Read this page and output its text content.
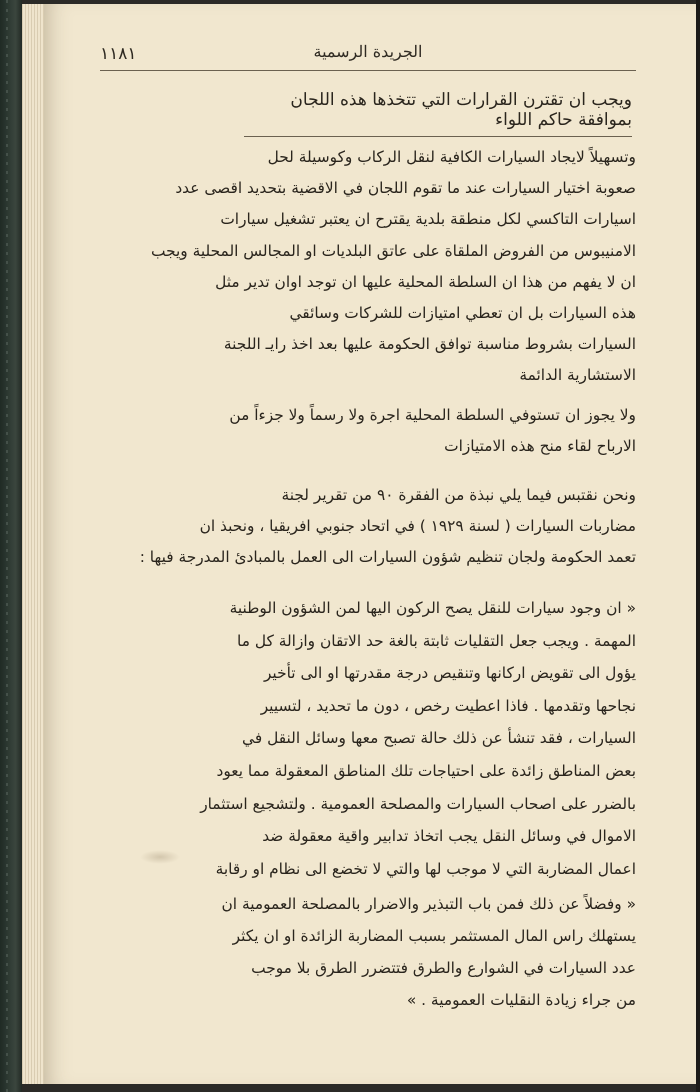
١١٨١	الجريدة الرسمية
ويجب ان تقترن القرارات التي تتخذها هذه اللجان بموافقة حاكم اللواء
وتسهيلاً لايجاد السيارات الكافية لنقل الركاب وكوسيلة لحل
صعوبة اختيار السيارات عند ما تقوم اللجان في الاقضية بتحديد اقصى عدد
اسيارات التاكسي لكل منطقة بلدية يقترح ان يعتبر تشغيل سيارات
الامنيبوس من الفروض الملقاة على عاتق البلديات او المجالس المحلية ويجب
ان لا يفهم من هذا ان السلطة المحلية عليها ان توجد اوان تدير مثل
هذه السيارات بل ان تعطي امتيازات للشركات وسائقي
السيارات بشروط مناسبة توافق الحكومة عليها بعد اخذ رايـ اللجنة
الاستشارية الدائمة
ولا يجوز ان تستوفي السلطة المحلية اجرة ولا رسماً ولا جزءاً من
الارباح لقاء منح هذه الامتيازات
ونحن نقتبس فيما يلي نبذة من الفقرة ٩٠ من تقرير لجنة
مضاربات السيارات ( لسنة ١٩٢٩ ) في اتحاد جنوبي افريقيا ، ونحبذ ان
تعمد الحكومة ولجان تنظيم شؤون السيارات الى العمل بالمبادئ المدرجة فيها :
« ان وجود سيارات للنقل يصح الركون اليها لمن الشؤون الوطنية
المهمة . ويجب جعل التقليات ثابتة بالغة حد الاتقان وازالة كل ما
يؤول الى تقويض اركانها وتنقيص درجة مقدرتها او الى تأخير
نجاحها وتقدمها . فاذا اعطيت رخص ، دون ما تحديد ، لتسيير
السيارات ، فقد تنشأ عن ذلك حالة تصبح معها وسائل النقل في
بعض المناطق زائدة على احتياجات تلك المناطق المعقولة مما يعود
بالضرر على اصحاب السيارات والمصلحة العمومية . ولتشجيع استثمار
الاموال في وسائل النقل يجب اتخاذ تدابير واقية معقولة ضد
اعمال المضاربة التي لا موجب لها والتي لا تخضع الى نظام او رقابة
« وفضلاً عن ذلك فمن باب التبذير والاضرار بالمصلحة العمومية ان
يستهلك راس المال المستثمر بسبب المضاربة الزائدة او ان يكثر
عدد السيارات في الشوارع والطرق فتتضرر الطرق بلا موجب
من جراء زيادة النقليات العمومية . »
